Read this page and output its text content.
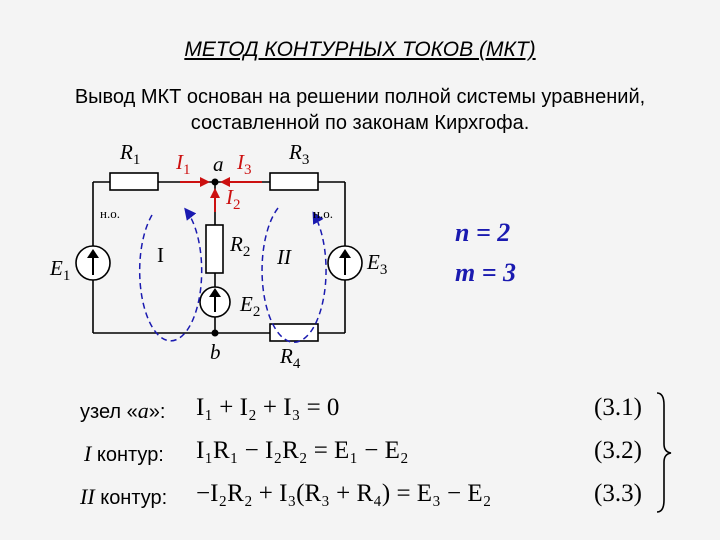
МЕТОД КОНТУРНЫХ ТОКОВ (МКТ)
Вывод МКТ основан на решении полной системы уравнений,
составленной по законам Кирхгофа.
$R_1$ $I_1$ a $I_3$
$R_3$
$I_2$
н.о.	н.о.
$R_2$
I	II
$E_1$
$E_3$
$E_2$
b	$R_4$
n = 2
m = 3
узел «a»: I₁ + I₂ + I₃ = 0	(3.1)
I контур: I₁R₁ − I₂R₂ = E₁ − E₂	(3.2)
II контур: −I₂R₂ + I₃(R₃ + R₄) = E₃ − E₂	(3.3)
